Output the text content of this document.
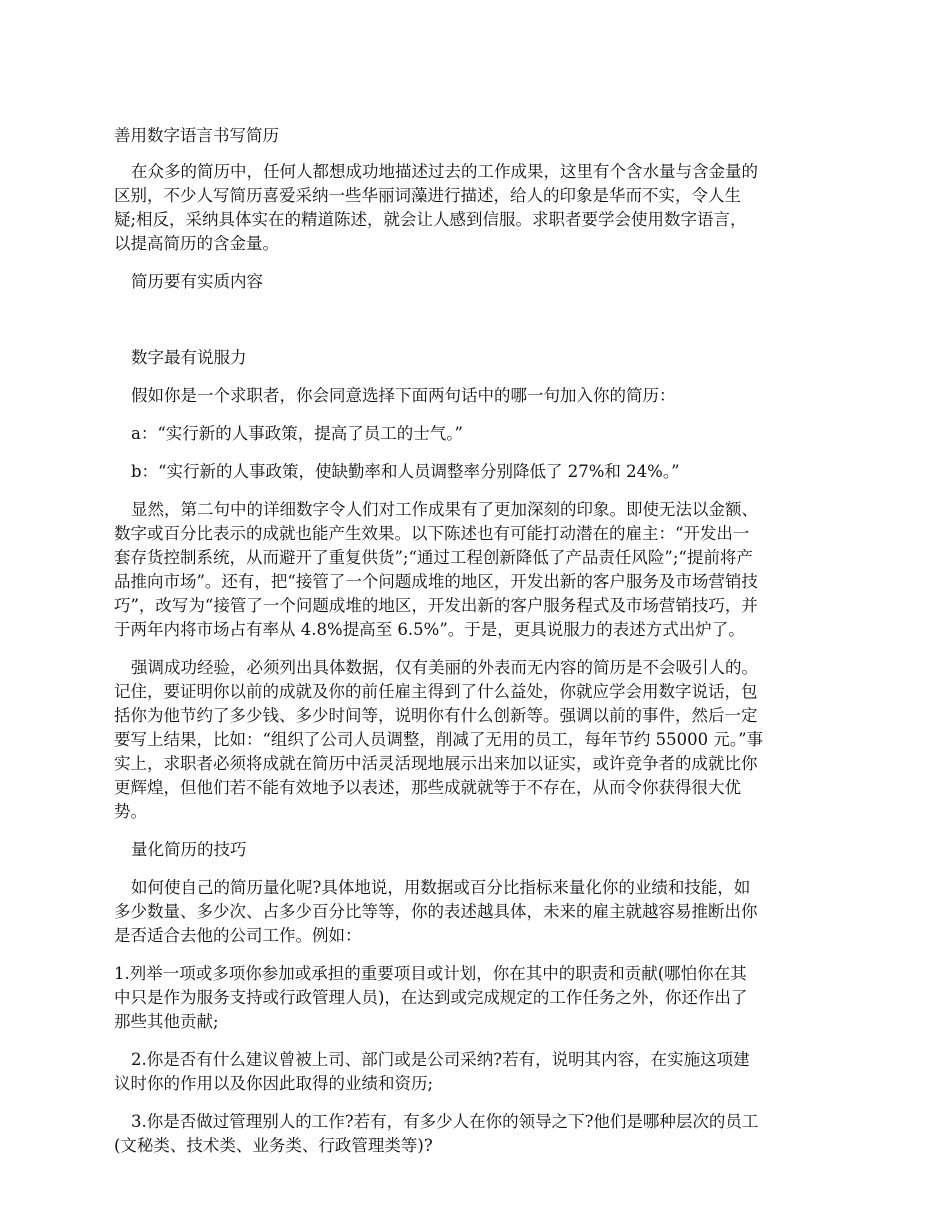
善用数字语言书写简历

在众多的简历中，任何人都想成功地描述过去的工作成果，这里有个含水量与含金量的

区别，不少人写简历喜爱采纳一些华丽词藻进行描述，给人的印象是华而不实，令人生

疑;相反，采纳具体实在的精道陈述，就会让人感到信服。求职者要学会使用数字语言，

以提高简历的含金量。

简历要有实质内容

数字最有说服力

假如你是一个求职者，你会同意选择下面两句话中的哪一句加入你的简历：

a：“实行新的人事政策，提高了员工的士气。”

b：“实行新的人事政策，使缺勤率和人员调整率分别降低了 27%和 24%。”

显然，第二句中的详细数字令人们对工作成果有了更加深刻的印象。即使无法以金额、

数字或百分比表示的成就也能产生效果。以下陈述也有可能打动潜在的雇主：“开发出一

套存货控制系统，从而避开了重复供货”;“通过工程创新降低了产品责任风险”;“提前将产

品推向市场”。还有，把“接管了一个问题成堆的地区，开发出新的客户服务及市场营销技

巧”，改写为“接管了一个问题成堆的地区，开发出新的客户服务程式及市场营销技巧，并

于两年内将市场占有率从 4.8%提高至 6.5%”。于是，更具说服力的表述方式出炉了。

强调成功经验，必须列出具体数据，仅有美丽的外表而无内容的简历是不会吸引人的。

记住，要证明你以前的成就及你的前任雇主得到了什么益处，你就应学会用数字说话，包

括你为他节约了多少钱、多少时间等，说明你有什么创新等。强调以前的事件，然后一定

要写上结果，比如：“组织了公司人员调整，削减了无用的员工，每年节约 55000 元。”事

实上，求职者必须将成就在简历中活灵活现地展示出来加以证实，或许竞争者的成就比你

更辉煌，但他们若不能有效地予以表述，那些成就就等于不存在，从而令你获得很大优

势。

量化简历的技巧

如何使自己的简历量化呢?具体地说，用数据或百分比指标来量化你的业绩和技能，如

多少数量、多少次、占多少百分比等等，你的表述越具体，未来的雇主就越容易推断出你

是否适合去他的公司工作。例如：

1.列举一项或多项你参加或承担的重要项目或计划，你在其中的职责和贡献(哪怕你在其

中只是作为服务支持或行政管理人员)，在达到或完成规定的工作任务之外，你还作出了

那些其他贡献;

2.你是否有什么建议曾被上司、部门或是公司采纳?若有，说明其内容，在实施这项建

议时你的作用以及你因此取得的业绩和资历;

3.你是否做过管理别人的工作?若有，有多少人在你的领导之下?他们是哪种层次的员工

(文秘类、技术类、业务类、行政管理类等)?
